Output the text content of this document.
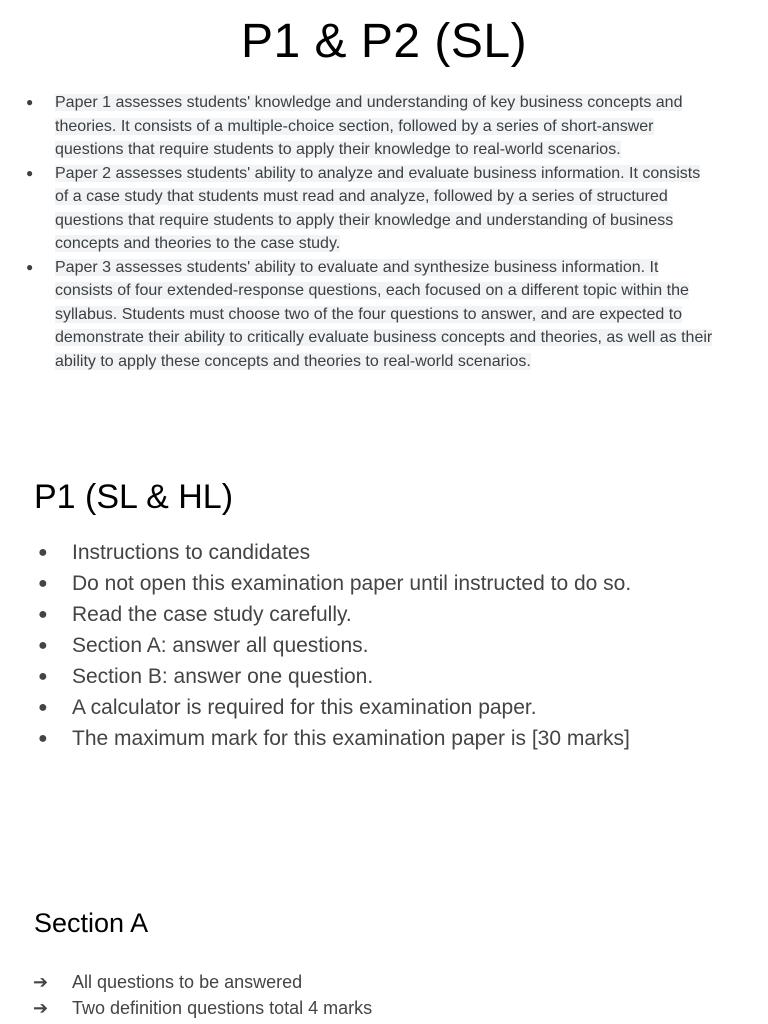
P1 & P2 (SL)
● Paper 1 assesses students' knowledge and understanding of key business concepts and theories. It consists of a multiple-choice section, followed by a series of short-answer questions that require students to apply their knowledge to real-world scenarios.
● Paper 2 assesses students' ability to analyze and evaluate business information. It consists of a case study that students must read and analyze, followed by a series of structured questions that require students to apply their knowledge and understanding of business concepts and theories to the case study.
● Paper 3 assesses students' ability to evaluate and synthesize business information. It consists of four extended-response questions, each focused on a different topic within the syllabus. Students must choose two of the four questions to answer, and are expected to demonstrate their ability to critically evaluate business concepts and theories, as well as their ability to apply these concepts and theories to real-world scenarios.
P1 (SL & HL)
● Instructions to candidates
● Do not open this examination paper until instructed to do so.
● Read the case study carefully.
● Section A: answer all questions.
● Section B: answer one question.
● A calculator is required for this examination paper.
● The maximum mark for this examination paper is [30 marks]
Section A
➔ All questions to be answered
➔ Two definition questions total 4 marks
